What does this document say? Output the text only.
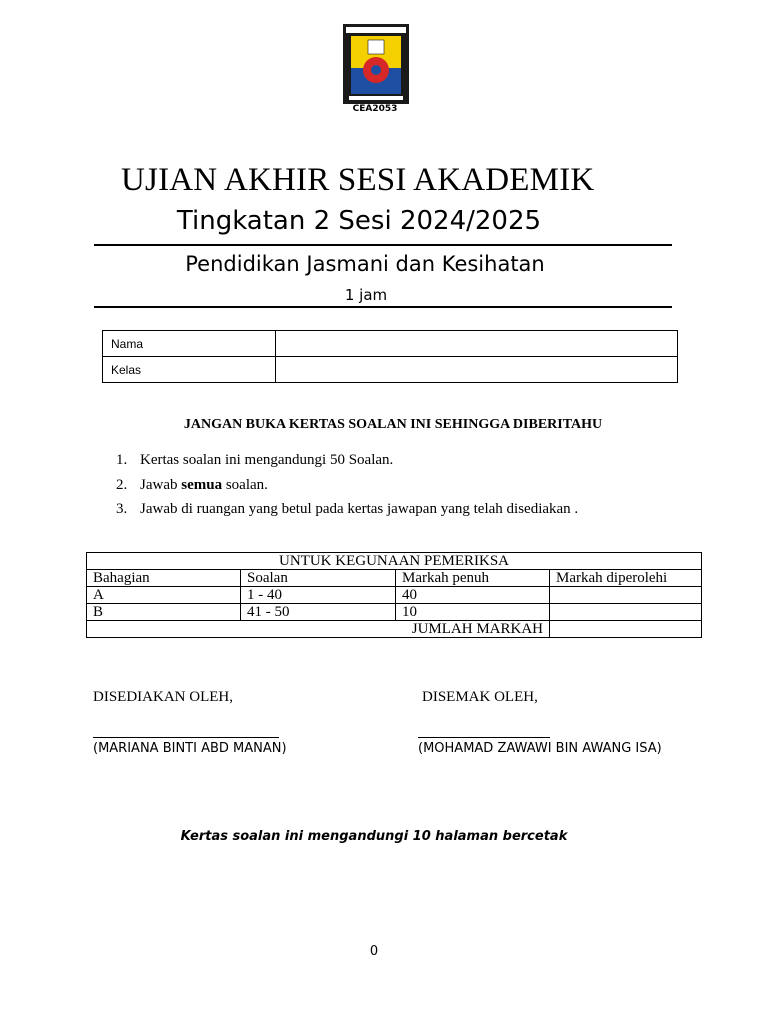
CEA2053
UJIAN AKHIR SESI AKADEMIK
Tingkatan 2 Sesi 2024/2025
Pendidikan Jasmani dan Kesihatan
1 jam
Nama	
Kelas	
JANGAN BUKA KERTAS SOALAN INI SEHINGGA DIBERITAHU
1. Kertas soalan ini mengandungi 50 Soalan.
2. Jawab semua soalan.
3. Jawab di ruangan yang betul pada kertas jawapan yang telah disediakan .
UNTUK KEGUNAAN PEMERIKSA			
Bahagian	Soalan	Markah penuh	Markah diperolehi
A	1 - 40	40	
B	41 - 50	10	
JUMLAH MARKAH			
DISEDIAKAN OLEH,
(MARIANA BINTI ABD MANAN)
DISEMAK OLEH,
(MOHAMAD ZAWAWI BIN AWANG ISA)
Kertas soalan ini mengandungi 10 halaman bercetak
0
